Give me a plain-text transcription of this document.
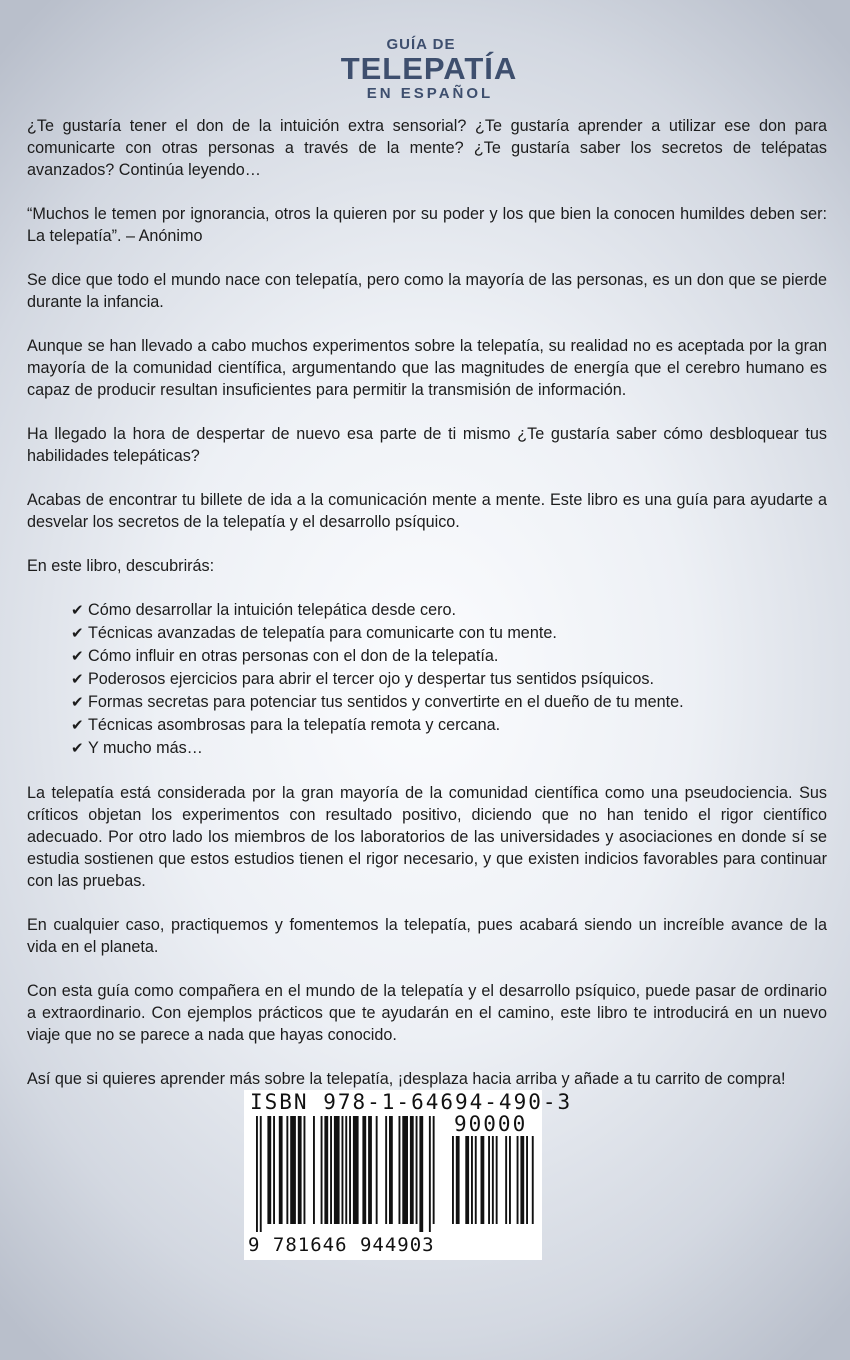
GUÍA DE
TELEPATÍA
EN ESPAÑOL

¿Te gustaría tener el don de la intuición extra sensorial? ¿Te gustaría aprender a utilizar ese don para comunicarte con otras personas a través de la mente? ¿Te gustaría saber los secretos de telépatas avanzados? Continúa leyendo…

“Muchos le temen por ignorancia, otros la quieren por su poder y los que bien la conocen humildes deben ser: La telepatía”. – Anónimo

Se dice que todo el mundo nace con telepatía, pero como la mayoría de las personas, es un don que se pierde durante la infancia.

Aunque se han llevado a cabo muchos experimentos sobre la telepatía, su realidad no es aceptada por la gran mayoría de la comunidad científica, argumentando que las magnitudes de energía que el cerebro humano es capaz de producir resultan insuficientes para permitir la transmisión de información.

Ha llegado la hora de despertar de nuevo esa parte de ti mismo ¿Te gustaría saber cómo desbloquear tus habilidades telepáticas?

Acabas de encontrar tu billete de ida a la comunicación mente a mente. Este libro es una guía para ayudarte a desvelar los secretos de la telepatía y el desarrollo psíquico.

En este libro, descubrirás:

✔ Cómo desarrollar la intuición telepática desde cero.
✔ Técnicas avanzadas de telepatía para comunicarte con tu mente.
✔ Cómo influir en otras personas con el don de la telepatía.
✔ Poderosos ejercicios para abrir el tercer ojo y despertar tus sentidos psíquicos.
✔ Formas secretas para potenciar tus sentidos y convertirte en el dueño de tu mente.
✔ Técnicas asombrosas para la telepatía remota y cercana.
✔ Y mucho más…

La telepatía está considerada por la gran mayoría de la comunidad científica como una pseudociencia. Sus críticos objetan los experimentos con resultado positivo, diciendo que no han tenido el rigor científico adecuado. Por otro lado los miembros de los laboratorios de las universidades y asociaciones en donde sí se estudia sostienen que estos estudios tienen el rigor necesario, y que existen indicios favorables para continuar con las pruebas.

En cualquier caso, practiquemos y fomentemos la telepatía, pues acabará siendo un increíble avance de la vida en el planeta.

Con esta guía como compañera en el mundo de la telepatía y el desarrollo psíquico, puede pasar de ordinario a extraordinario. Con ejemplos prácticos que te ayudarán en el camino, este libro te introducirá en un nuevo viaje que no se parece a nada que hayas conocido.

Así que si quieres aprender más sobre la telepatía, ¡desplaza hacia arriba y añade a tu carrito de compra!

ISBN 978-1-64694-490-3
90000
9 781646 944903
